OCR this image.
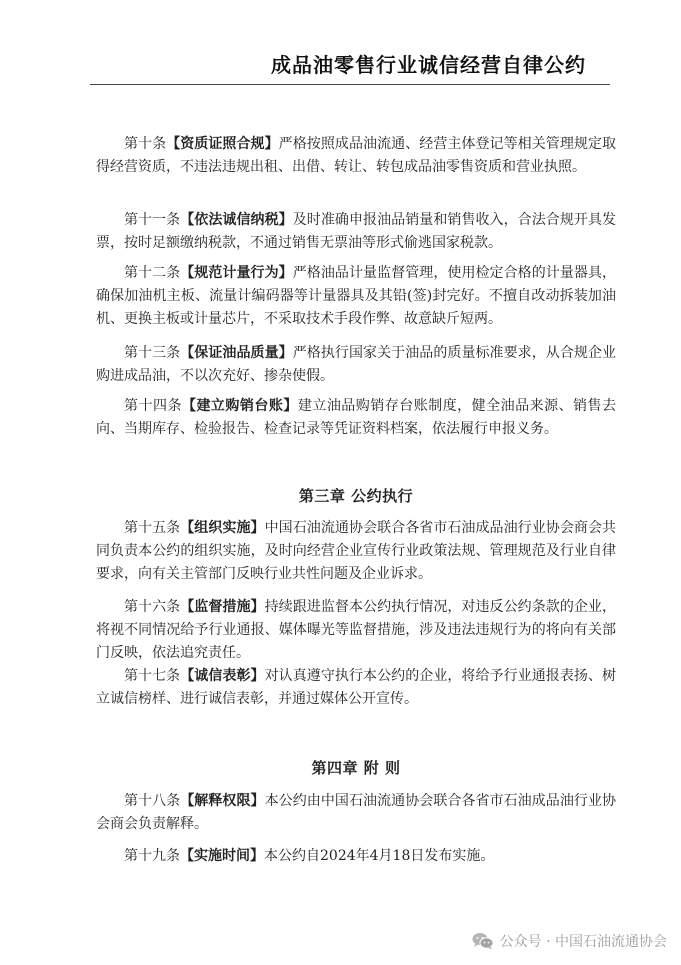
成品油零售行业诚信经营自律公约

第十条【资质证照合规】严格按照成品油流通、经营主体登记等相关管理规定取得经营资质，不违法违规出租、出借、转让、转包成品油零售资质和营业执照。

第十一条【依法诚信纳税】及时准确申报油品销量和销售收入，合法合规开具发票，按时足额缴纳税款，不通过销售无票油等形式偷逃国家税款。

第十二条【规范计量行为】严格油品计量监督管理，使用检定合格的计量器具，确保加油机主板、流量计编码器等计量器具及其铅(签)封完好。不擅自改动拆装加油机、更换主板或计量芯片，不采取技术手段作弊、故意缺斤短两。

第十三条【保证油品质量】严格执行国家关于油品的质量标准要求，从合规企业购进成品油，不以次充好、掺杂使假。

第十四条【建立购销台账】建立油品购销存台账制度，健全油品来源、销售去向、当期库存、检验报告、检查记录等凭证资料档案，依法履行申报义务。

第三章 公约执行

第十五条【组织实施】中国石油流通协会联合各省市石油成品油行业协会商会共同负责本公约的组织实施，及时向经营企业宣传行业政策法规、管理规范及行业自律要求，向有关主管部门反映行业共性问题及企业诉求。

第十六条【监督措施】持续跟进监督本公约执行情况，对违反公约条款的企业，将视不同情况给予行业通报、媒体曝光等监督措施，涉及违法违规行为的将向有关部门反映，依法追究责任。

第十七条【诚信表彰】对认真遵守执行本公约的企业，将给予行业通报表扬、树立诚信榜样、进行诚信表彰，并通过媒体公开宣传。

第四章 附 则

第十八条【解释权限】本公约由中国石油流通协会联合各省市石油成品油行业协会商会负责解释。

第十九条【实施时间】本公约自2024年4月18日发布实施。

公众号 · 中国石油流通协会
